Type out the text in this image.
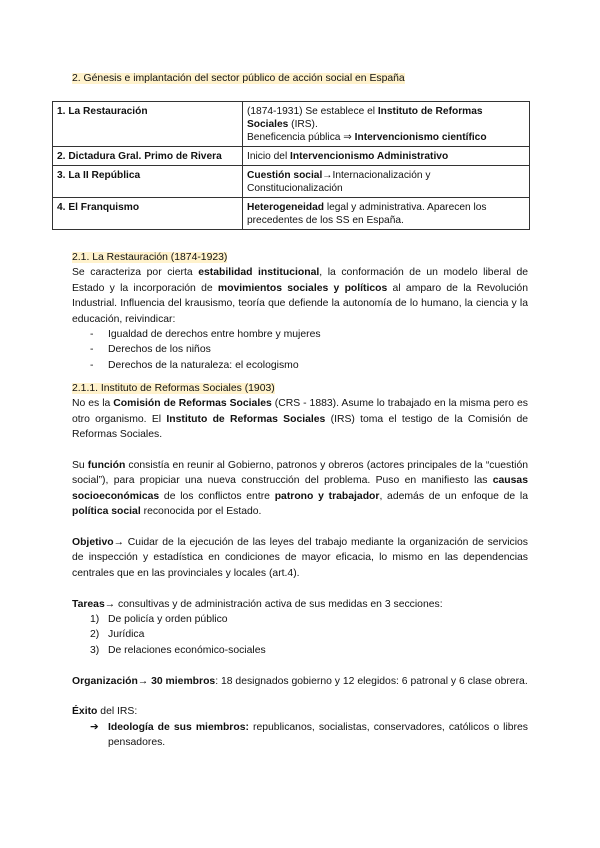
2. Génesis e implantación del sector público de acción social en España
1. La Restauración	(1874-1931) Se establece el Instituto de Reformas Sociales (IRS).
Beneficencia pública ⇒ Intervencionismo científico
2. Dictadura Gral. Primo de Rivera	Inicio del Intervencionismo Administrativo
3. La II República	Cuestión social→Internacionalización y Constitucionalización
4. El Franquismo	Heterogeneidad legal y administrativa. Aparecen los precedentes de los SS en España.

2.1. La Restauración (1874-1923)

Se caracteriza por cierta estabilidad institucional, la conformación de un modelo liberal de Estado y la incorporación de movimientos sociales y políticos al amparo de la Revolución Industrial. Influencia del krausismo, teoría que defiende la autonomía de lo humano, la ciencia y la educación, reivindicar:

- Igualdad de derechos entre hombre y mujeres
- Derechos de los niños
- Derechos de la naturaleza: el ecologismo

2.1.1. Instituto de Reformas Sociales (1903)

No es la Comisión de Reformas Sociales (CRS - 1883). Asume lo trabajado en la misma pero es otro organismo. El Instituto de Reformas Sociales (IRS) toma el testigo de la Comisión de Reformas Sociales.

Su función consistía en reunir al Gobierno, patronos y obreros (actores principales de la “cuestión social”), para propiciar una nueva construcción del problema. Puso en manifiesto las causas socioeconómicas de los conflictos entre patrono y trabajador, además de un enfoque de la política social reconocida por el Estado.

Objetivo→ Cuidar de la ejecución de las leyes del trabajo mediante la organización de servicios de inspección y estadística en condiciones de mayor eficacia, lo mismo en las dependencias centrales que en las provinciales y locales (art.4).

Tareas→ consultivas y de administración activa de sus medidas en 3 secciones:

1) De policía y orden público
2) Jurídica
3) De relaciones económico-sociales

Organización→ 30 miembros: 18 designados gobierno y 12 elegidos: 6 patronal y 6 clase obrera.

Éxito del IRS:

➔ Ideología de sus miembros: republicanos, socialistas, conservadores, católicos o libres pensadores.
